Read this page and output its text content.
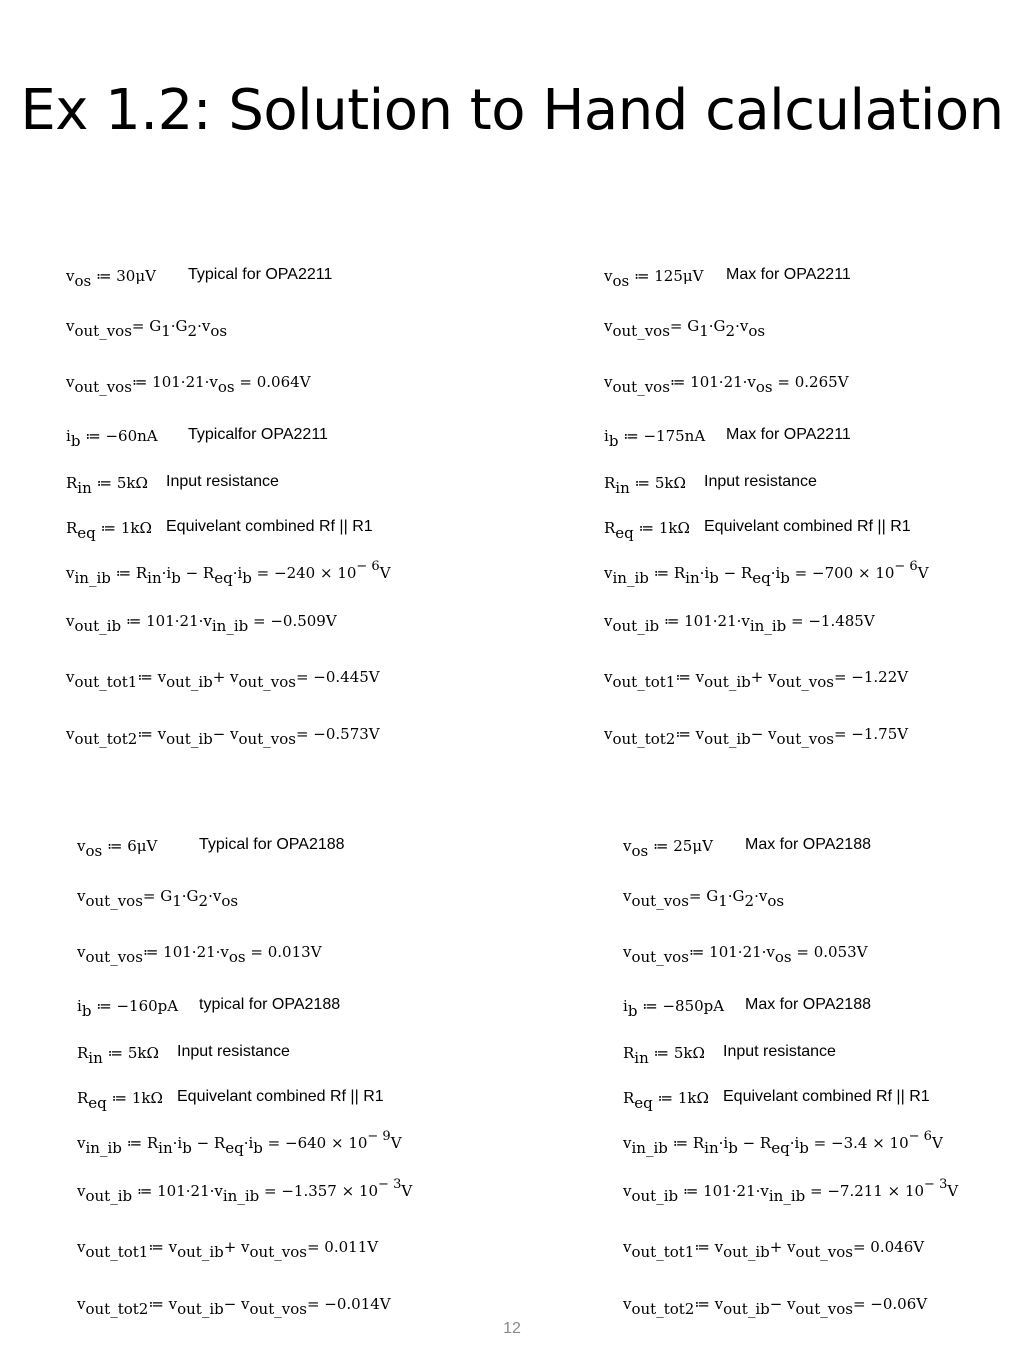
Ex 1.2: Solution to Hand calculation
$v_{os}$ ≔ 30μV Typical for OPA2211
$v_{out\_vos}= G_1\cdot G_2\cdot v_{os}$
$v_{out\_vos}≔$ $101\cdot 21\cdot v_{os} = 0.064V$
$i_b$ ≔ −60nA Typicalfor OPA2211
$R_{in}$ ≔ 5kΩ Input resistance
$R_{eq}$ ≔ 1kΩ Equivelant combined Rf || R1
$v_{in\_ib}$ ≔ $R_{in}\cdot i_b - R_{eq}\cdot i_b = -240 \times 10^{- 6}V$
$v_{out\_ib}$ ≔ $101\cdot 21\cdot v_{in\_ib} = -0.509V$
$v_{out\_tot1}≔$ $v_{out\_ib}+ v_{out\_vos}= -0.445V$
$v_{out\_tot2}≔$ $v_{out\_ib}- v_{out\_vos}= -0.573V$
$v_{os}$ ≔ 125μV Max for OPA2211
$v_{out\_vos}= G_1\cdot G_2\cdot v_{os}$
$v_{out\_vos}≔$ $101\cdot 21\cdot v_{os} = 0.265V$
$i_b$ ≔ −175nA Max for OPA2211
$R_{in}$ ≔ 5kΩ Input resistance
$R_{eq}$ ≔ 1kΩ Equivelant combined Rf || R1
$v_{in\_ib}$ ≔ $R_{in}\cdot i_b - R_{eq}\cdot i_b = -700 \times 10^{- 6}V$
$v_{out\_ib}$ ≔ $101\cdot 21\cdot v_{in\_ib} = -1.485V$
$v_{out\_tot1}≔$ $v_{out\_ib}+ v_{out\_vos}= -1.22V$
$v_{out\_tot2}≔$ $v_{out\_ib}- v_{out\_vos}= -1.75V$
$v_{os}$ ≔ 6μV	Typical for OPA2188
$v_{out\_vos}= G_1\cdot G_2\cdot v_{os}$
$v_{out\_vos}≔$ $101\cdot 21\cdot v_{os} = 0.013V$
$i_b$ ≔ −160pA typical for OPA2188
$R_{in}$ ≔ 5kΩ Input resistance
$R_{eq}$ ≔ 1kΩ Equivelant combined Rf || R1
$v_{in\_ib}$ ≔ $R_{in}\cdot i_b - R_{eq}\cdot i_b = -640 \times 10^{- 9}V$
$v_{out\_ib}$ ≔ $101\cdot 21\cdot v_{in\_ib} = -1.357 \times 10^{- 3}V$
$v_{out\_tot1}≔$ $v_{out\_ib}+ v_{out\_vos}= 0.011V$
$v_{out\_tot2}≔$ $v_{out\_ib}- v_{out\_vos}= -0.014V$
$v_{os}$ ≔ 25μV Max for OPA2188
$v_{out\_vos}= G_1\cdot G_2\cdot v_{os}$
$v_{out\_vos}≔$ $101\cdot 21\cdot v_{os} = 0.053V$
$i_b$ ≔ −850pA Max for OPA2188
$R_{in}$ ≔ 5kΩ Input resistance
$R_{eq}$ ≔ 1kΩ Equivelant combined Rf || R1
$v_{in\_ib}$ ≔ $R_{in}\cdot i_b - R_{eq}\cdot i_b = -3.4 \times 10^{- 6}V$
$v_{out\_ib}$ ≔ $101\cdot 21\cdot v_{in\_ib} = -7.211 \times 10^{- 3}V$
$v_{out\_tot1}≔$ $v_{out\_ib}+ v_{out\_vos}= 0.046V$
$v_{out\_tot2}≔$ $v_{out\_ib}- v_{out\_vos}= -0.06V$
12
